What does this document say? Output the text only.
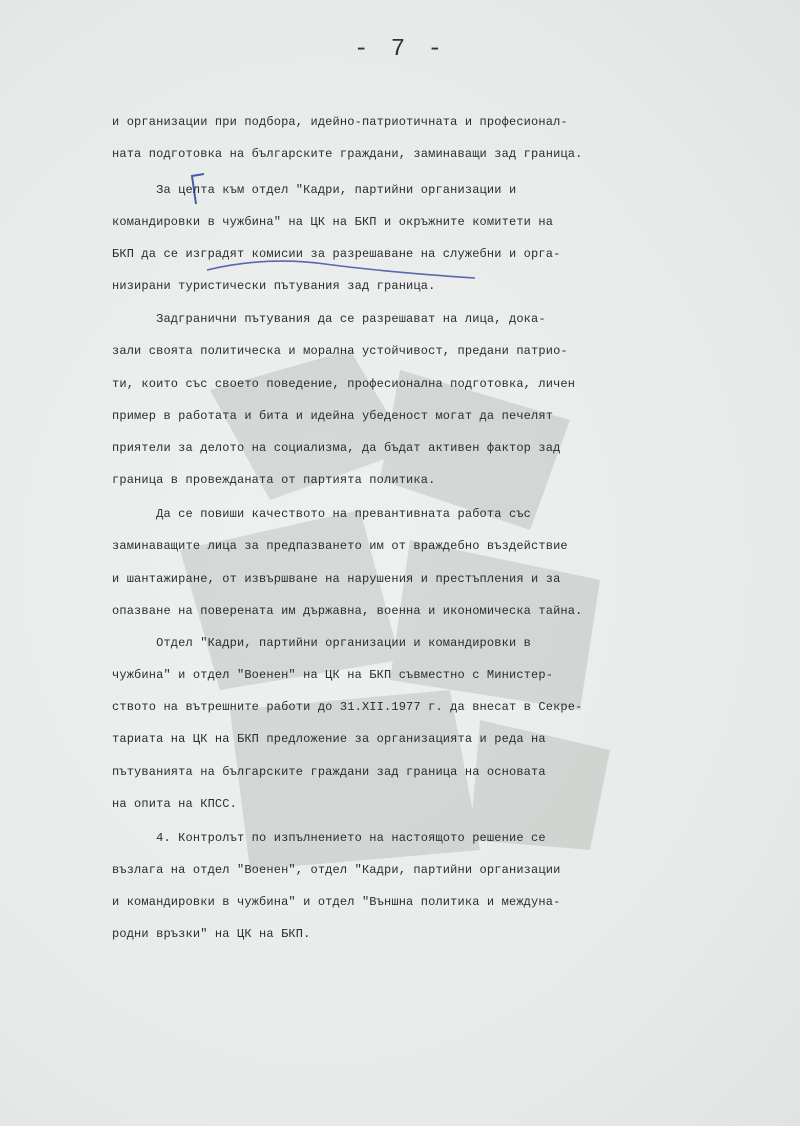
- 7 -
и организации при подбора, идейно-патриотичната и професионал-
ната подготовка на българските граждани, заминаващи зад граница.
За целта към отдел "Кадри, партийни организации и
командировки в чужбина" на ЦК на БКП и окръжните комитети на
БКП да се изградят комисии за разрешаване на служебни и орга-
низирани туристически пътувания зад граница.
Задгранични пътувания да се разрешават на лица, дока-
зали своята политическа и морална устойчивост, предани патрио-
ти, които със своето поведение, професионална подготовка, личен
пример в работата и бита и идейна убеденост могат да печелят
приятели за делото на социализма, да бъдат активен фактор зад
граница в провежданата от партията политика.
Да се повиши качеството на превантивната работа със
заминаващите лица за предпазването им от враждебно въздействие
и шантажиране, от извършване на нарушения и престъпления и за
опазване на поверената им държавна, военна и икономическа тайна.
Отдел "Кадри, партийни организации и командировки в
чужбина" и отдел "Военен" на ЦК на БКП съвместно с Министер-
ството на вътрешните работи до 31.XII.1977 г. да внесат в Секре-
тариата на ЦК на БКП предложение за организацията и реда на
пътуванията на българските граждани зад граница на основата
на опита на КПСС.
4. Контролът по изпълнението на настоящото решение се
възлага на отдел "Военен", отдел "Кадри, партийни организации
и командировки в чужбина" и отдел "Външна политика и междуна-
родни връзки" на ЦК на БКП.
